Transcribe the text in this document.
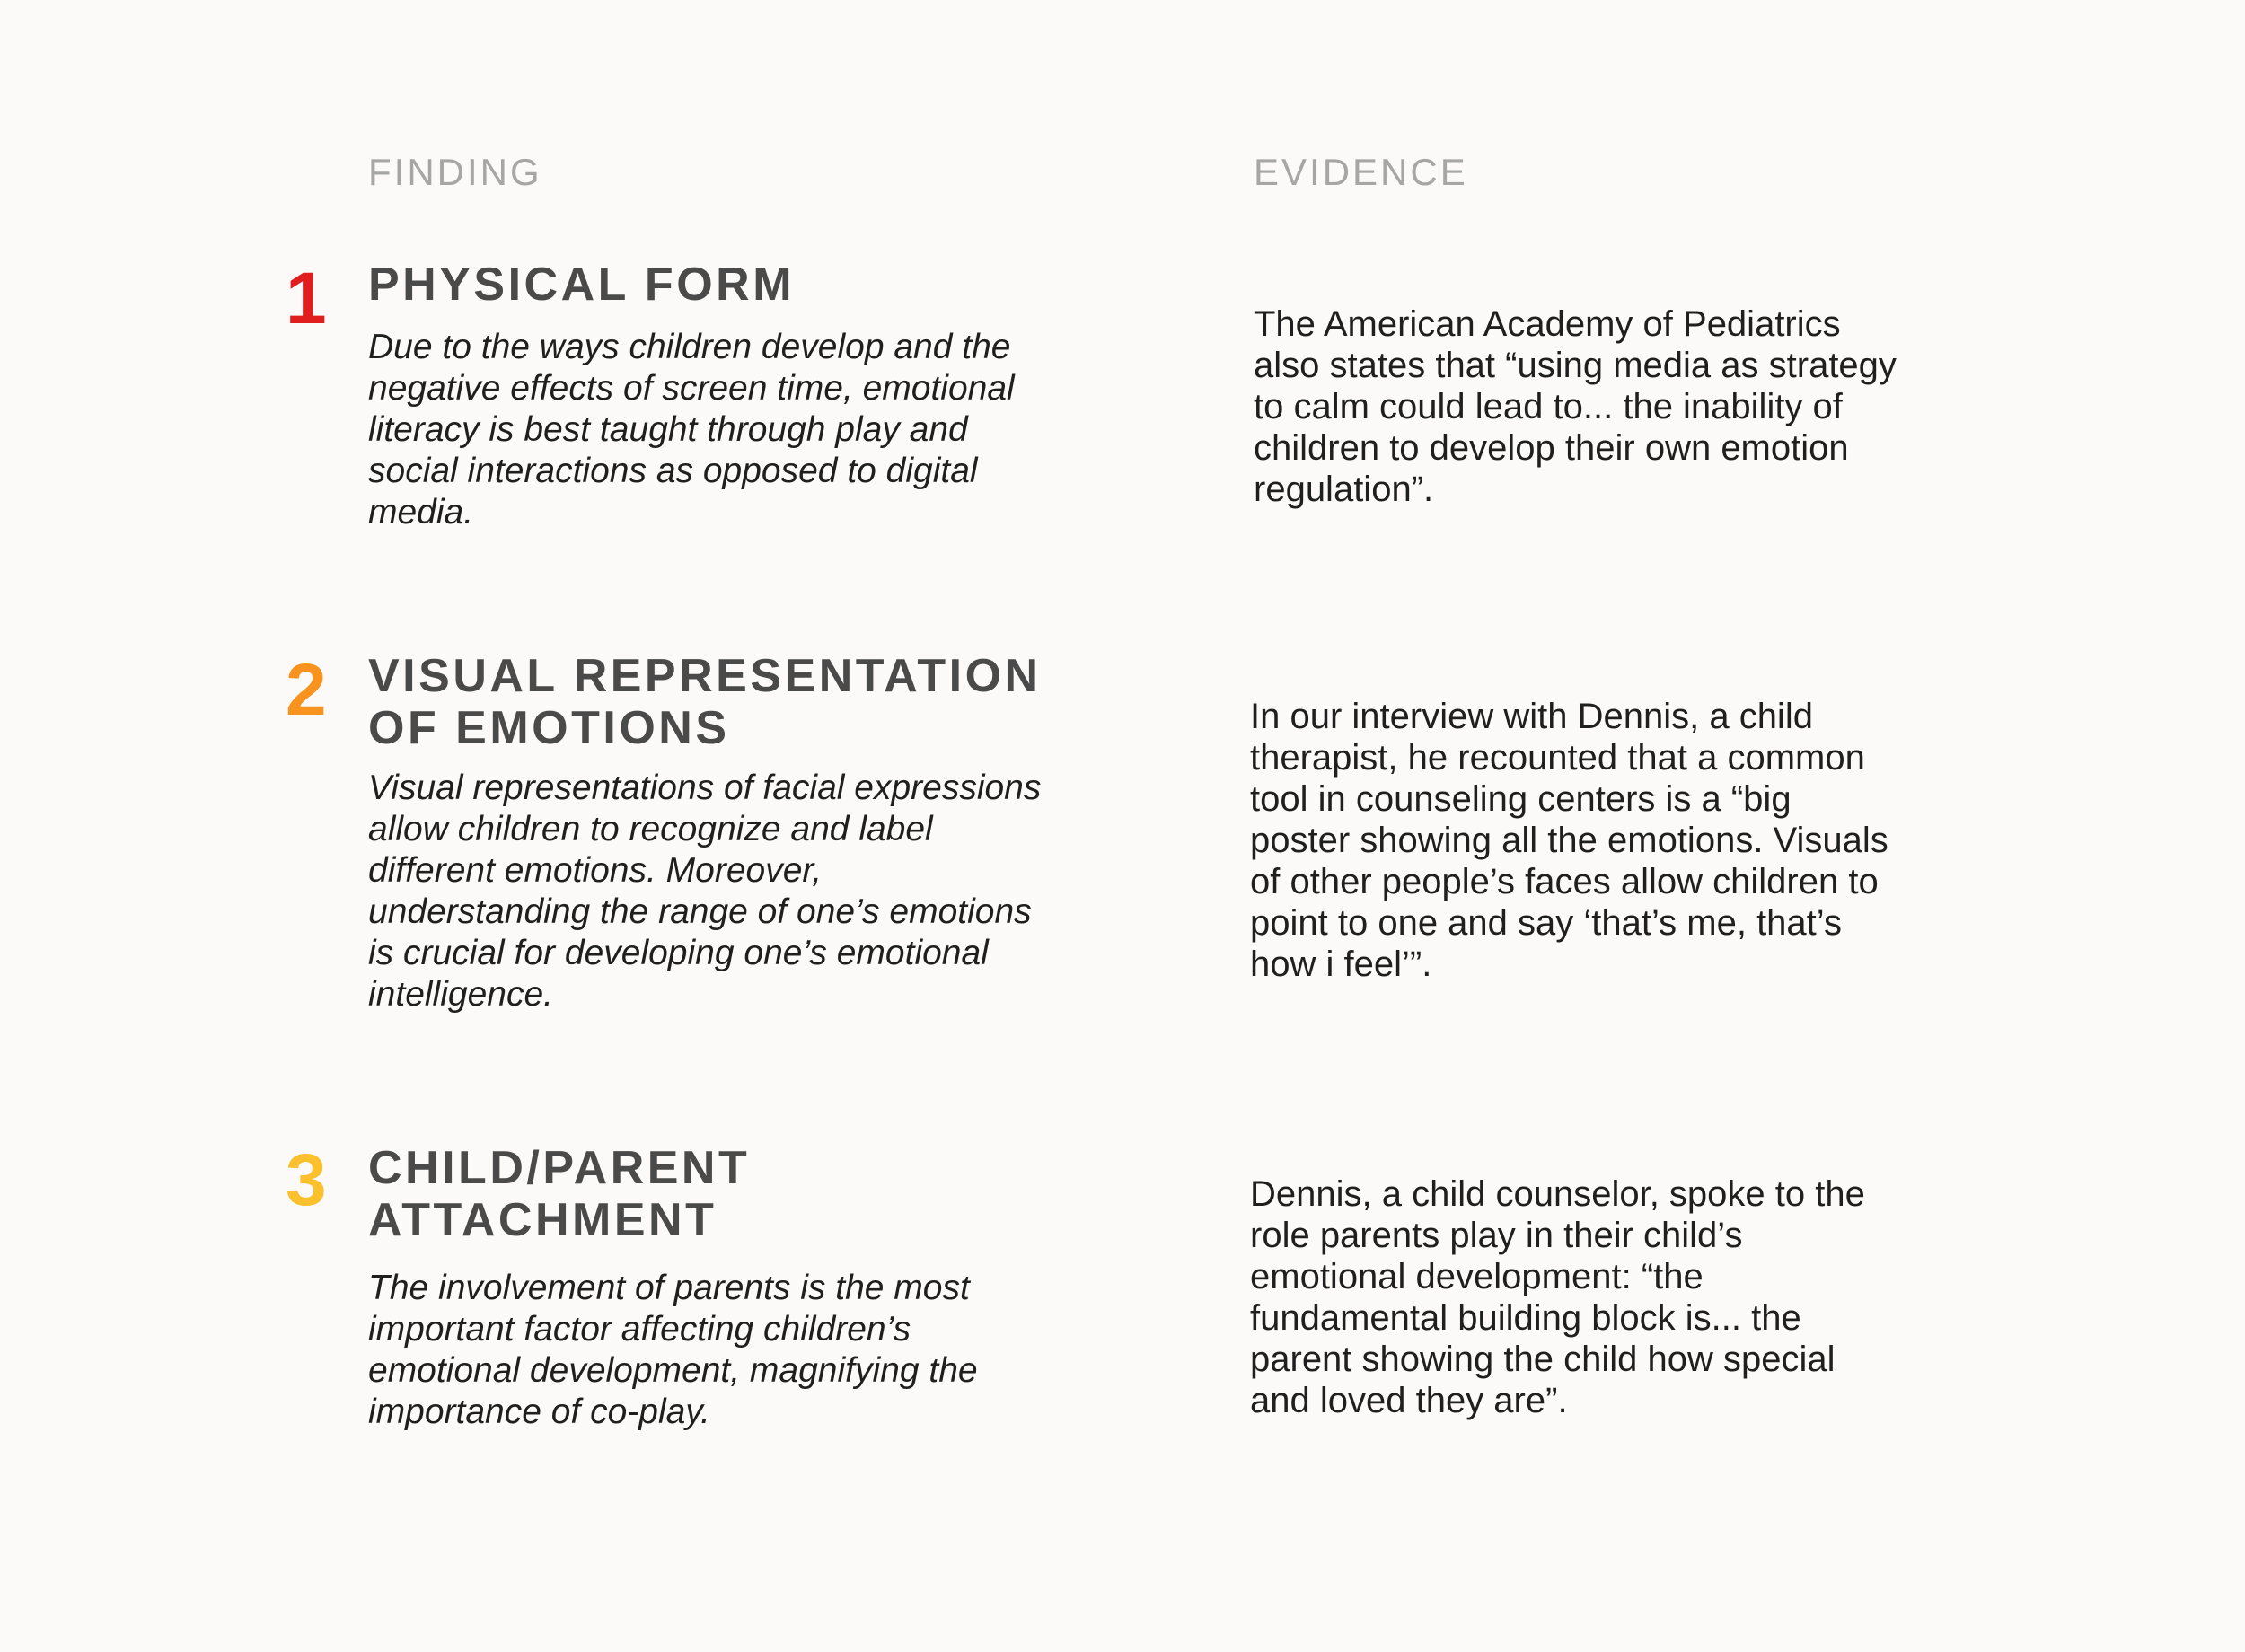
FINDING	EVIDENCE
1 PHYSICAL FORM

Due to the ways children develop and the
negative effects of screen time, emotional
literacy is best taught through play and
social interactions as opposed to digital
media.

The American Academy of Pediatrics
also states that “using media as strategy
to calm could lead to... the inability of
children to develop their own emotion
regulation”.

2 VISUAL REPRESENTATION
OF EMOTIONS

Visual representations of facial expressions
allow children to recognize and label
different emotions. Moreover,
understanding the range of one’s emotions
is crucial for developing one’s emotional
intelligence.

In our interview with Dennis, a child
therapist, he recounted that a common
tool in counseling centers is a “big
poster showing all the emotions. Visuals
of other people’s faces allow children to
point to one and say ‘that’s me, that’s
how i feel’”.

3 CHILD/PARENT
ATTACHMENT

The involvement of parents is the most
important factor affecting children’s
emotional development, magnifying the
importance of co-play.

Dennis, a child counselor, spoke to the
role parents play in their child’s
emotional development: “the
fundamental building block is... the
parent showing the child how special
and loved they are”.
